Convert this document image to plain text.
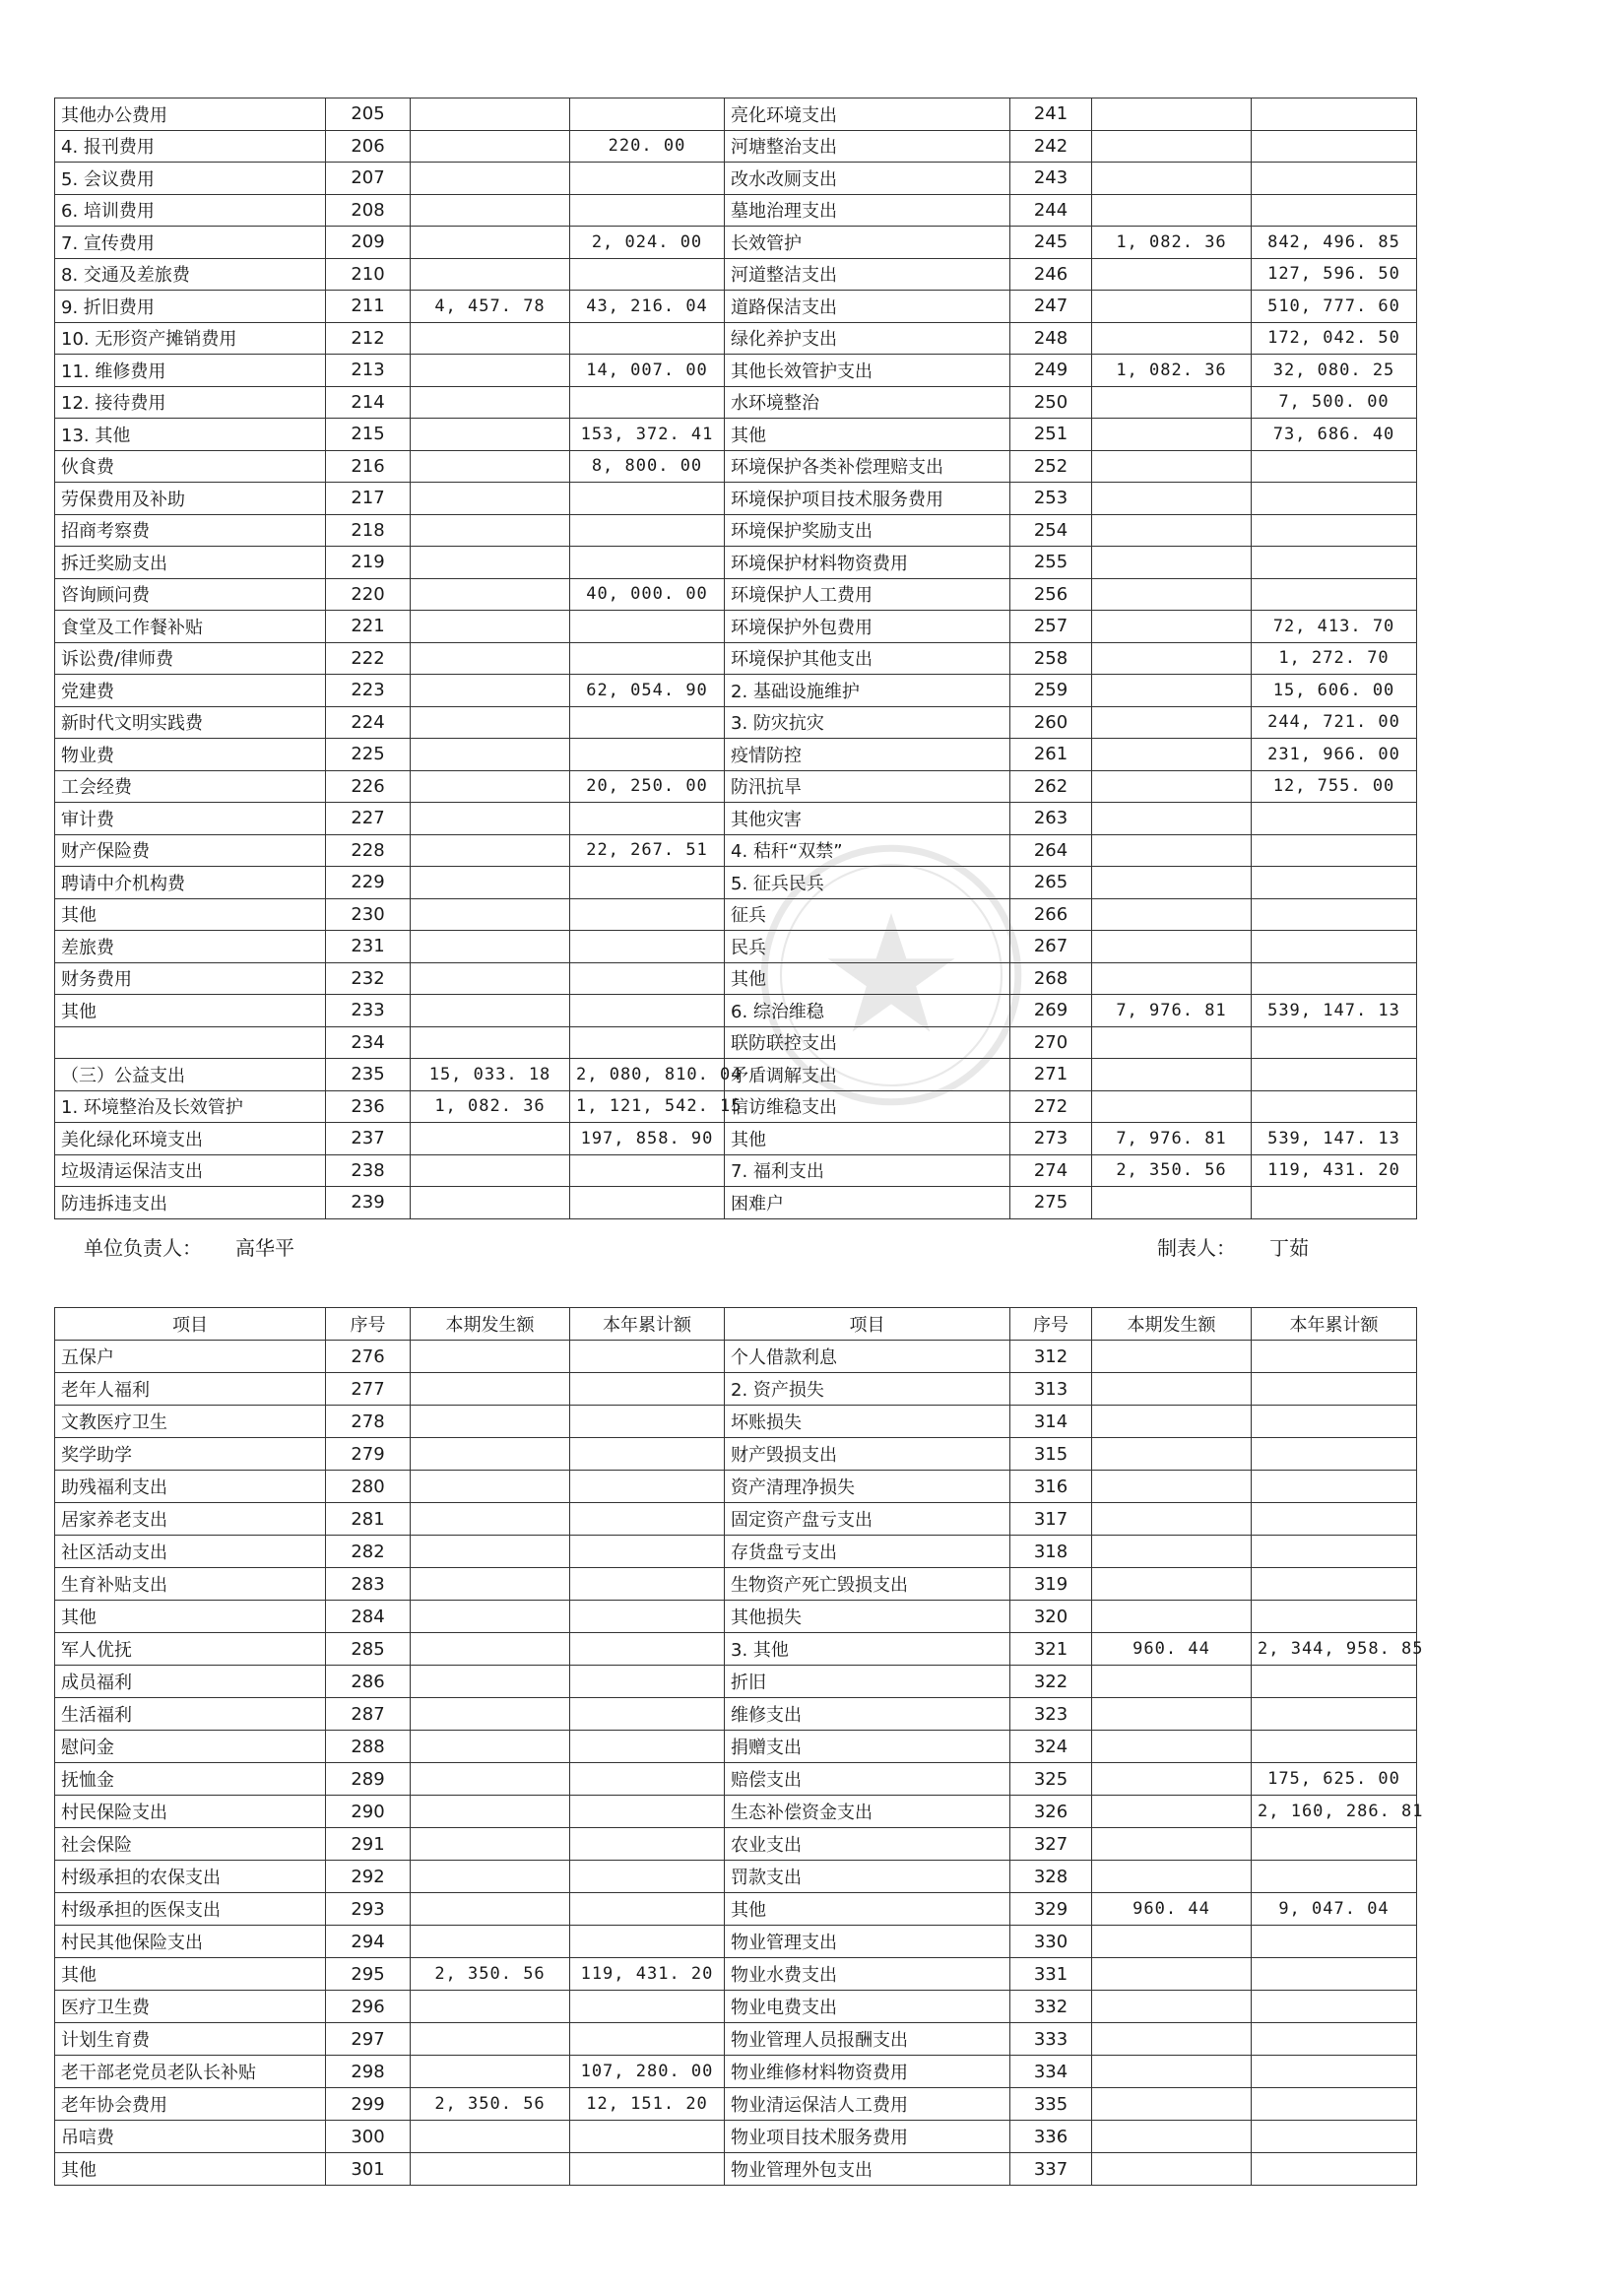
其他办公费用	205			亮化环境支出	241		
4. 报刊费用	206		220. 00	河塘整治支出	242		
5. 会议费用	207			改水改厕支出	243		
6. 培训费用	208			墓地治理支出	244		
7. 宣传费用	209		2, 024. 00	长效管护	245	1, 082. 36	842, 496. 85
8. 交通及差旅费	210			河道整洁支出	246		127, 596. 50
9. 折旧费用	211	4, 457. 78	43, 216. 04	道路保洁支出	247		510, 777. 60
10. 无形资产摊销费用	212			绿化养护支出	248		172, 042. 50
11. 维修费用	213		14, 007. 00	其他长效管护支出	249	1, 082. 36	32, 080. 25
12. 接待费用	214			水环境整治	250		7, 500. 00
13. 其他	215		153, 372. 41	其他	251		73, 686. 40
伙食费	216		8, 800. 00	环境保护各类补偿理赔支出	252		
劳保费用及补助	217			环境保护项目技术服务费用	253		
招商考察费	218			环境保护奖励支出	254		
拆迁奖励支出	219			环境保护材料物资费用	255		
咨询顾问费	220		40, 000. 00	环境保护人工费用	256		
食堂及工作餐补贴	221			环境保护外包费用	257		72, 413. 70
诉讼费/律师费	222			环境保护其他支出	258		1, 272. 70
党建费	223		62, 054. 90	2. 基础设施维护	259		15, 606. 00
新时代文明实践费	224			3. 防灾抗灾	260		244, 721. 00
物业费	225			疫情防控	261		231, 966. 00
工会经费	226		20, 250. 00	防汛抗旱	262		12, 755. 00
审计费	227			其他灾害	263		
财产保险费	228		22, 267. 51	4. 秸秆“双禁”	264		
聘请中介机构费	229			5. 征兵民兵	265		
其他	230			征兵	266		
差旅费	231			民兵	267		
财务费用	232			其他	268		
其他	233			6. 综治维稳	269	7, 976. 81	539, 147. 13
	234			联防联控支出	270		
（三）公益支出	235	15, 033. 18	2, 080, 810. 04	矛盾调解支出	271		
1. 环境整治及长效管护	236	1, 082. 36	1, 121, 542. 15	信访维稳支出	272		
美化绿化环境支出	237		197, 858. 90	其他	273	7, 976. 81	539, 147. 13
垃圾清运保洁支出	238			7. 福利支出	274	2, 350. 56	119, 431. 20
防违拆违支出	239			困难户	275		
单位负责人： 高华平	制表人： 丁茹
项目	序号	本期发生额	本年累计额	项目	序号	本期发生额	本年累计额
五保户	276			个人借款利息	312		
老年人福利	277			2. 资产损失	313		
文教医疗卫生	278			坏账损失	314		
奖学助学	279			财产毁损支出	315		
助残福利支出	280			资产清理净损失	316		
居家养老支出	281			固定资产盘亏支出	317		
社区活动支出	282			存货盘亏支出	318		
生育补贴支出	283			生物资产死亡毁损支出	319		
其他	284			其他损失	320		
军人优抚	285			3. 其他	321	960. 44	2, 344, 958. 85
成员福利	286			折旧	322		
生活福利	287			维修支出	323		
慰问金	288			捐赠支出	324		
抚恤金	289			赔偿支出	325		175, 625. 00
村民保险支出	290			生态补偿资金支出	326		2, 160, 286. 81
社会保险	291			农业支出	327		
村级承担的农保支出	292			罚款支出	328		
村级承担的医保支出	293			其他	329	960. 44	9, 047. 04
村民其他保险支出	294			物业管理支出	330		
其他	295	2, 350. 56	119, 431. 20	物业水费支出	331		
医疗卫生费	296			物业电费支出	332		
计划生育费	297			物业管理人员报酬支出	333		
老干部老党员老队长补贴	298		107, 280. 00	物业维修材料物资费用	334		
老年协会费用	299	2, 350. 56	12, 151. 20	物业清运保洁人工费用	335		
吊唁费	300			物业项目技术服务费用	336		
其他	301			物业管理外包支出	337		
